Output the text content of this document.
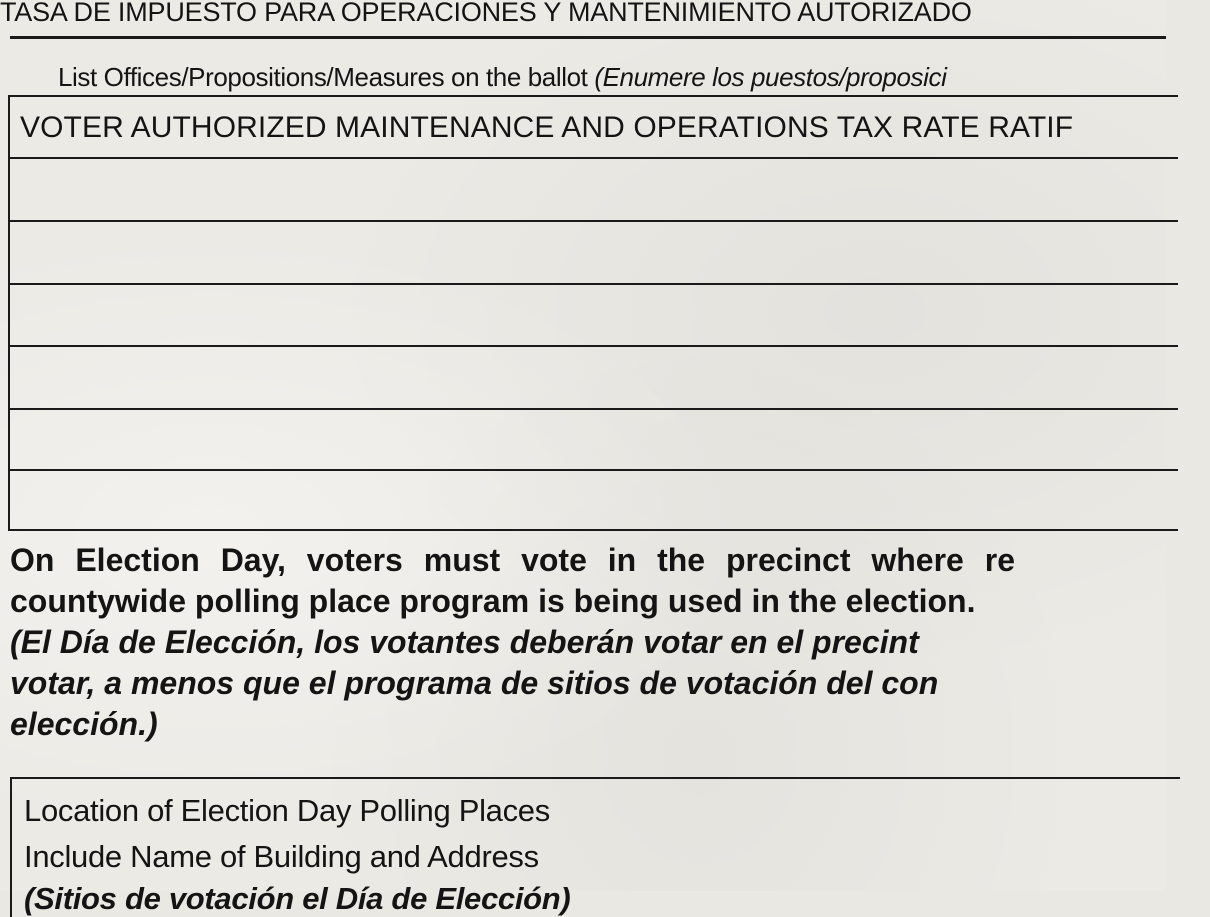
TASA DE IMPUESTO PARA OPERACIONES Y MANTENIMIENTO AUTORIZADO
List Offices/Propositions/Measures on the ballot (Enumere los puestos/proposici
VOTER AUTHORIZED MAINTENANCE AND OPERATIONS TAX RATE RATIF
On Election Day, voters must vote in the precinct where re
countywide polling place program is being used in the election.
(El Día de Elección, los votantes deberán votar en el precint
votar, a menos que el programa de sitios de votación del con
elección.)
Location of Election Day Polling Places
Include Name of Building and Address
(Sitios de votación el Día de Elección)
